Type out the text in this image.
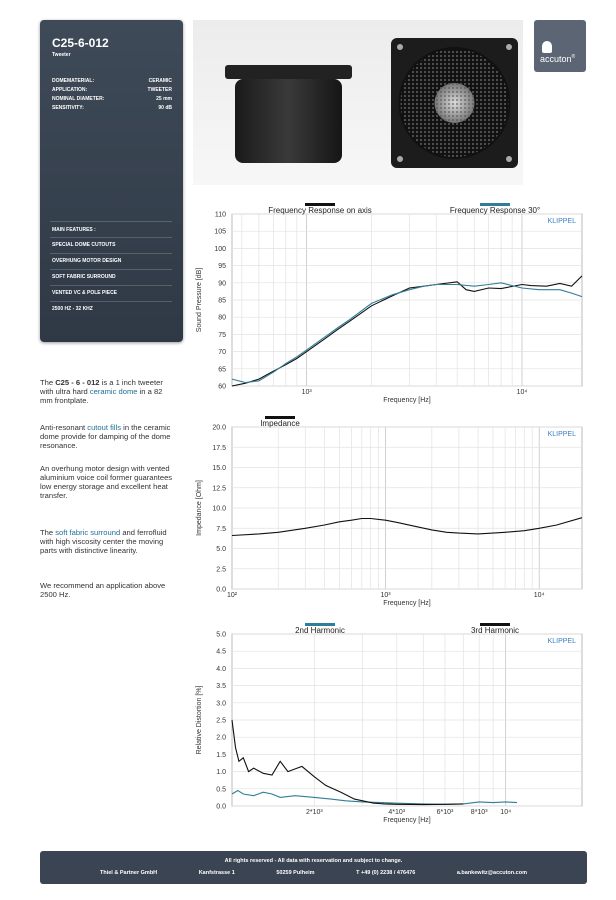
C25-6-012
Tweeter
DOMEMATERIAL:	CERAMIC
APPLICATION:	TWEETER
NOMINAL DIAMETER:	25 mm
SENSITIVITY:	90 dB
MAIN FEATURES :
SPECIAL DOME CUTOUTS
OVERHUNG MOTOR DESIGN
SOFT FABRIC SURROUND
VENTED VC & POLE PIECE
2500 HZ - 32 KHZ
accuton®
The C25 - 6 - 012 is a 1 inch tweeter with ultra hard ceramic dome in a 82 mm frontplate.
Anti-resonant cutout fills in the ceramic dome provide for damping of the dome resonance.
An overhung motor design with vented aluminium voice coil former guarantees low energy storage and excellent heat transfer.
The soft fabric surround and ferrofluid with high viscosity center the moving parts with distinctive linearity.
We recommend an application above 2500 Hz.
110
105
100
95
90
85
80
75
70
65
60
10³	10⁴
Frequency [Hz]
Sound Pressure [dB]
KLIPPEL
Frequency Response on axis	Frequency Response 30°
20.0
17.5
15.0
12.5
10.0
7.5
5.0
2.5
0.0
10²	10³	10⁴
Frequency [Hz]
Impedance [Ohm]
KLIPPEL
Impedance
5.0
4.5
4.0
3.5
3.0
2.5
2.0
1.5
1.0
0.5
0.0
2*10³	4*10³	6*10³ 8*10³ 10⁴
Frequency [Hz]
Relative Distortion [%]
KLIPPEL
2nd Harmonic	3rd Harmonic
All rights reserved - All data with reservation and subject to change.
Thiel & Partner GmbH	Kanfstrasse 1	50259 Pulheim	T +49 (0) 2238 / 476476	a.bankewitz@accuton.com
